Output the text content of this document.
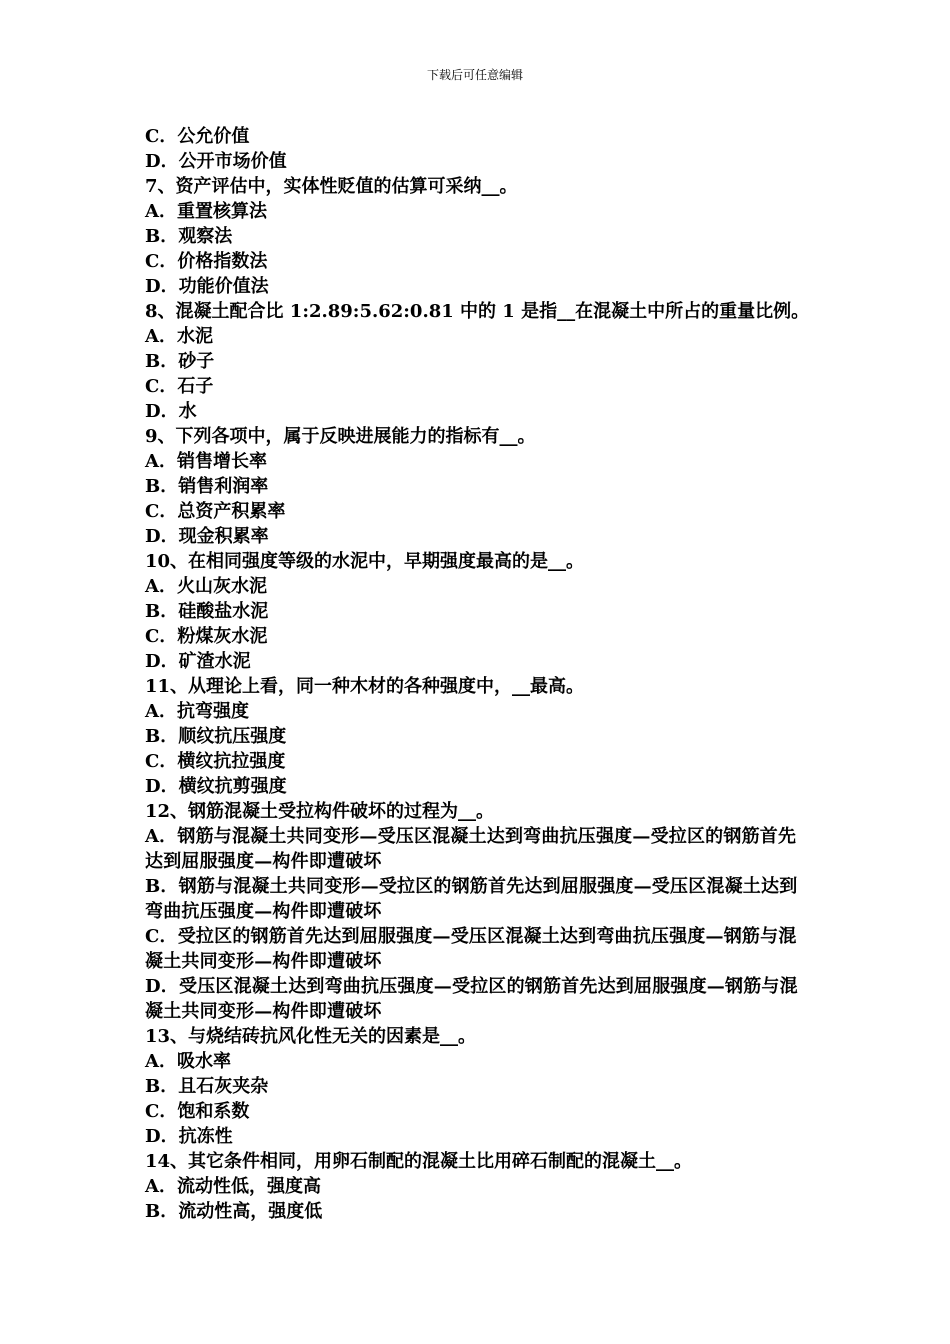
下载后可任意编辑

C．公允价值

D．公开市场价值

7、资产评估中，实体性贬值的估算可采纳__。

A．重置核算法

B．观察法

C．价格指数法

D．功能价值法

8、混凝土配合比 1:2.89:5.62:0.81 中的 1 是指__在混凝土中所占的重量比例。

A．水泥

B．砂子

C．石子

D．水

9、下列各项中，属于反映进展能力的指标有__。

A．销售增长率

B．销售利润率

C．总资产积累率

D．现金积累率

10、在相同强度等级的水泥中，早期强度最高的是__。

A．火山灰水泥

B．硅酸盐水泥

C．粉煤灰水泥

D．矿渣水泥

11、从理论上看，同一种木材的各种强度中，__最高。

A．抗弯强度

B．顺纹抗压强度

C．横纹抗拉强度

D．横纹抗剪强度

12、钢筋混凝土受拉构件破坏的过程为__。

A．钢筋与混凝土共同变形—受压区混凝土达到弯曲抗压强度—受拉区的钢筋首先达到屈服强度—构件即遭破坏

B．钢筋与混凝土共同变形—受拉区的钢筋首先达到屈服强度—受压区混凝土达到弯曲抗压强度—构件即遭破坏

C．受拉区的钢筋首先达到屈服强度—受压区混凝土达到弯曲抗压强度—钢筋与混凝土共同变形—构件即遭破坏

D．受压区混凝土达到弯曲抗压强度—受拉区的钢筋首先达到屈服强度—钢筋与混凝土共同变形—构件即遭破坏

13、与烧结砖抗风化性无关的因素是__。

A．吸水率

B．且石灰夹杂

C．饱和系数

D．抗冻性

14、其它条件相同，用卵石制配的混凝土比用碎石制配的混凝土__。

A．流动性低，强度高

B．流动性高，强度低
